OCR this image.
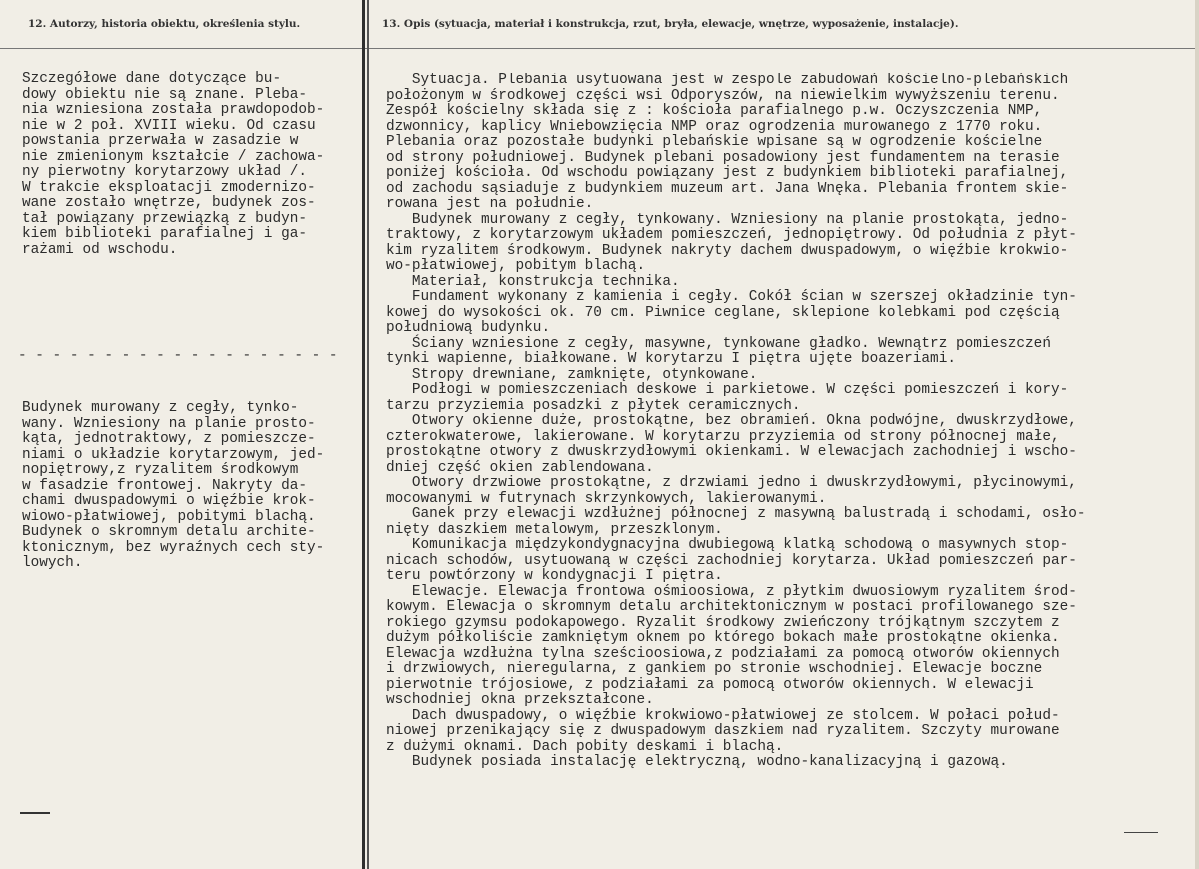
12. Autorzy, historia obiektu, określenia stylu.	13. Opis (sytuacja, materiał i konstrukcja, rzut, bryła, elewacje, wnętrze, wyposażenie, instalacje).
Szczegółowe dane dotyczące bu-
dowy obiektu nie są znane. Pleba-
nia wzniesiona została prawdopodob-
nie w 2 poł. XVIII wieku. Od czasu
powstania przerwała w zasadzie w
nie zmienionym kształcie / zachowa-
ny pierwotny korytarzowy układ /.
W trakcie eksploatacji zmodernizo-
wane zostało wnętrze, budynek zos-
tał powiązany przewiązką z budyn-
kiem biblioteki parafialnej i ga-
rażami od wschodu.
- - - - - - - - - - - - - - - - - - -
Budynek murowany z cegły, tynko-
wany. Wzniesiony na planie prosto-
kąta, jednotraktowy, z pomieszcze-
niami o układzie korytarzowym, jed-
nopiętrowy,z ryzalitem środkowym
w fasadzie frontowej. Nakryty da-
chami dwuspadowymi o więźbie krok-
wiowo-płatwiowej, pobitymi blachą.
Budynek o skromnym detalu archite-
ktonicznym, bez wyraźnych cech sty-
lowych.
Sytuacja. Plebania usytuowana jest w zespole zabudowań kościelno-plebańskich
położonym w środkowej części wsi Odporyszów, na niewielkim wywyższeniu terenu.
Zespół kościelny składa się z : kościoła parafialnego p.w. Oczyszczenia NMP,
dzwonnicy, kaplicy Wniebowzięcia NMP oraz ogrodzenia murowanego z 1770 roku.
Plebania oraz pozostałe budynki plebańskie wpisane są w ogrodzenie kościelne
od strony południowej. Budynek plebani posadowiony jest fundamentem na terasie
poniżej kościoła. Od wschodu powiązany jest z budynkiem biblioteki parafialnej,
od zachodu sąsiaduje z budynkiem muzeum art. Jana Wnęka. Plebania frontem skie-
rowana jest na południe.
Budynek murowany z cegły, tynkowany. Wzniesiony na planie prostokąta, jedno-
traktowy, z korytarzowym układem pomieszczeń, jednopiętrowy. Od południa z płyt-
kim ryzalitem środkowym. Budynek nakryty dachem dwuspadowym, o więźbie krokwio-
wo-płatwiowej, pobitym blachą.
Materiał, konstrukcja technika.
Fundament wykonany z kamienia i cegły. Cokół ścian w szerszej okładzinie tyn-
kowej do wysokości ok. 70 cm. Piwnice ceglane, sklepione kolebkami pod częścią
południową budynku.
Ściany wzniesione z cegły, masywne, tynkowane gładko. Wewnątrz pomieszczeń
tynki wapienne, białkowane. W korytarzu I piętra ujęte boazeriami.
Stropy drewniane, zamknięte, otynkowane.
Podłogi w pomieszczeniach deskowe i parkietowe. W części pomieszczeń i kory-
tarzu przyziemia posadzki z płytek ceramicznych.
Otwory okienne duże, prostokątne, bez obramień. Okna podwójne, dwuskrzydłowe,
czterokwaterowe, lakierowane. W korytarzu przyziemia od strony północnej małe,
prostokątne otwory z dwuskrzydłowymi okienkami. W elewacjach zachodniej i wscho-
dniej część okien zablendowana.
Otwory drzwiowe prostokątne, z drzwiami jedno i dwuskrzydłowymi, płycinowymi,
mocowanymi w futrynach skrzynkowych, lakierowanymi.
Ganek przy elewacji wzdłużnej północnej z masywną balustradą i schodami, osło-
nięty daszkiem metalowym, przeszklonym.
Komunikacja międzykondygnacyjna dwubiegową klatką schodową o masywnych stop-
nicach schodów, usytuowaną w części zachodniej korytarza. Układ pomieszczeń par-
teru powtórzony w kondygnacji I piętra.
Elewacje. Elewacja frontowa ośmioosiowa, z płytkim dwuosiowym ryzalitem środ-
kowym. Elewacja o skromnym detalu architektonicznym w postaci profilowanego sze-
rokiego gzymsu podokapowego. Ryzalit środkowy zwieńczony trójkątnym szczytem z
dużym półkoliście zamkniętym oknem po którego bokach małe prostokątne okienka.
Elewacja wzdłużna tylna sześcioosiowa,z podziałami za pomocą otworów okiennych
i drzwiowych, nieregularna, z gankiem po stronie wschodniej. Elewacje boczne
pierwotnie trójosiowe, z podziałami za pomocą otworów okiennych. W elewacji
wschodniej okna przekształcone.
Dach dwuspadowy, o więźbie krokwiowo-płatwiowej ze stolcem. W połaci połud-
niowej przenikający się z dwuspadowym daszkiem nad ryzalitem. Szczyty murowane
z dużymi oknami. Dach pobity deskami i blachą.
Budynek posiada instalację elektryczną, wodno-kanalizacyjną i gazową.
